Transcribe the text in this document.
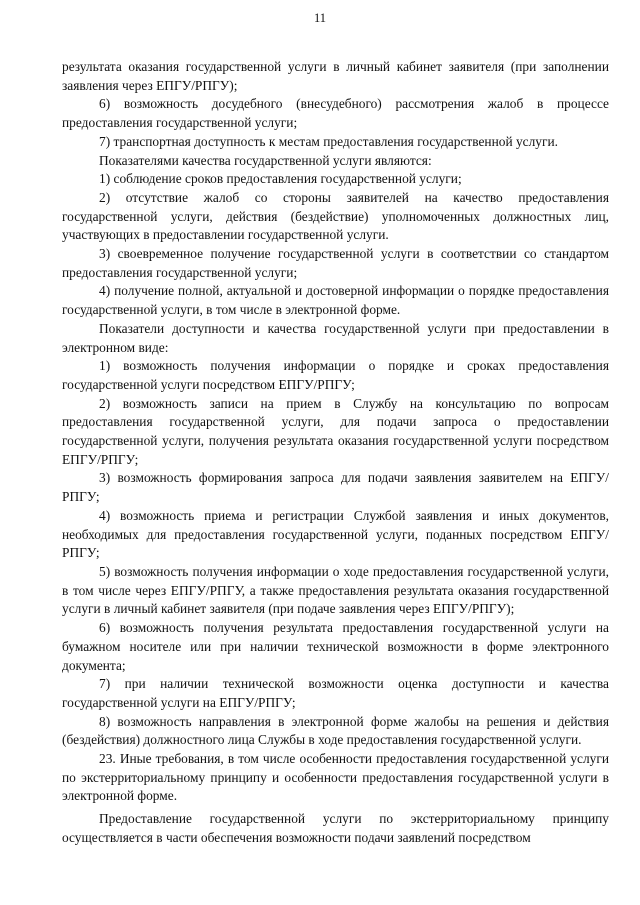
11

результата оказания государственной услуги в личный кабинет заявителя (при заполнении заявления через ЕПГУ/РПГУ);

6) возможность досудебного (внесудебного) рассмотрения жалоб в процессе предоставления государственной услуги;

7) транспортная доступность к местам предоставления государственной услуги.

Показателями качества государственной услуги являются:

1) соблюдение сроков предоставления государственной услуги;

2) отсутствие жалоб со стороны заявителей на качество предоставления государственной услуги, действия (бездействие) уполномоченных должностных лиц, участвующих в предоставлении государственной услуги.

3) своевременное получение государственной услуги в соответствии со стандартом предоставления государственной услуги;

4) получение полной, актуальной и достоверной информации о порядке предоставления государственной услуги, в том числе в электронной форме.

Показатели доступности и качества государственной услуги при предоставлении в электронном виде:

1) возможность получения информации о порядке и сроках предоставления государственной услуги посредством ЕПГУ/РПГУ;

2) возможность записи на прием в Службу на консультацию по вопросам предоставления государственной услуги, для подачи запроса о предоставлении государственной услуги, получения результата оказания государственной услуги посредством ЕПГУ/РПГУ;

3) возможность формирования запроса для подачи заявления заявителем на ЕПГУ/РПГУ;

4) возможность приема и регистрации Службой заявления и иных документов, необходимых для предоставления государственной услуги, поданных посредством ЕПГУ/РПГУ;

5) возможность получения информации о ходе предоставления государственной услуги, в том числе через ЕПГУ/РПГУ, а также предоставления результата оказания государственной услуги в личный кабинет заявителя (при подаче заявления через ЕПГУ/РПГУ);

6) возможность получения результата предоставления государственной услуги на бумажном носителе или при наличии технической возможности в форме электронного документа;

7) при наличии технической возможности оценка доступности и качества государственной услуги на ЕПГУ/РПГУ;

8) возможность направления в электронной форме жалобы на решения и действия (бездействия) должностного лица Службы в ходе предоставления государственной услуги.

23. Иные требования, в том числе особенности предоставления государственной услуги по экстерриториальному принципу и особенности предоставления государственной услуги в электронной форме.

Предоставление государственной услуги по экстерриториальному принципу осуществляется в части обеспечения возможности подачи заявлений посредством
